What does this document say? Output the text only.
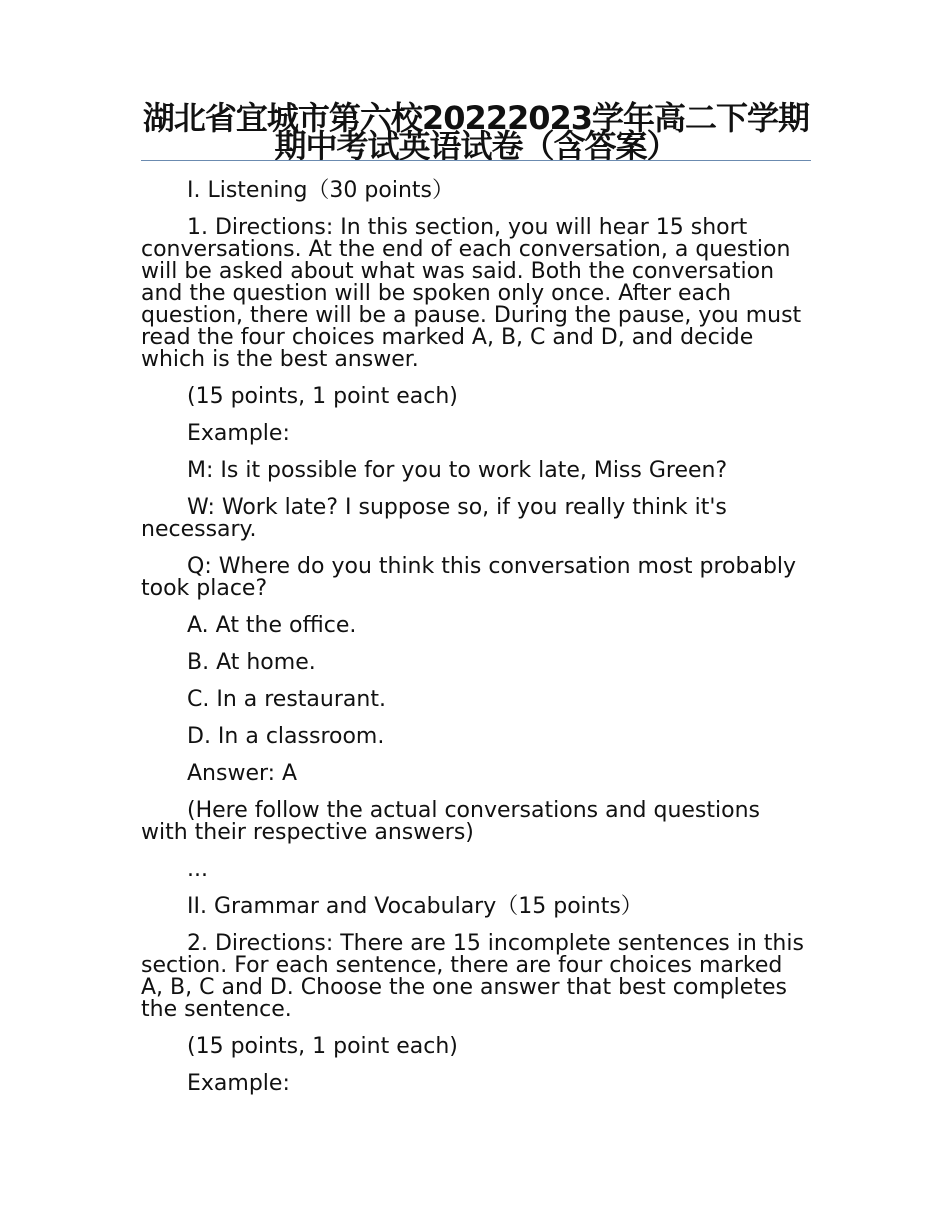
湖北省宜城市第六校20222023学年高二下学期期中考试英语试卷（含答案）

I. Listening（30 points）

1. Directions: In this section, you will hear 15 short conversations. At the end of each conversation, a question will be asked about what was said. Both the conversation and the question will be spoken only once. After each question, there will be a pause. During the pause, you must read the four choices marked A, B, C and D, and decide which is the best answer.

(15 points, 1 point each)

Example:

M: Is it possible for you to work late, Miss Green?

W: Work late? I suppose so, if you really think it's necessary.

Q: Where do you think this conversation most probably took place?

A. At the office.

B. At home.

C. In a restaurant.

D. In a classroom.

Answer: A

(Here follow the actual conversations and questions with their respective answers)

...

II. Grammar and Vocabulary（15 points）

2. Directions: There are 15 incomplete sentences in this section. For each sentence, there are four choices marked A, B, C and D. Choose the one answer that best completes the sentence.

(15 points, 1 point each)

Example:
